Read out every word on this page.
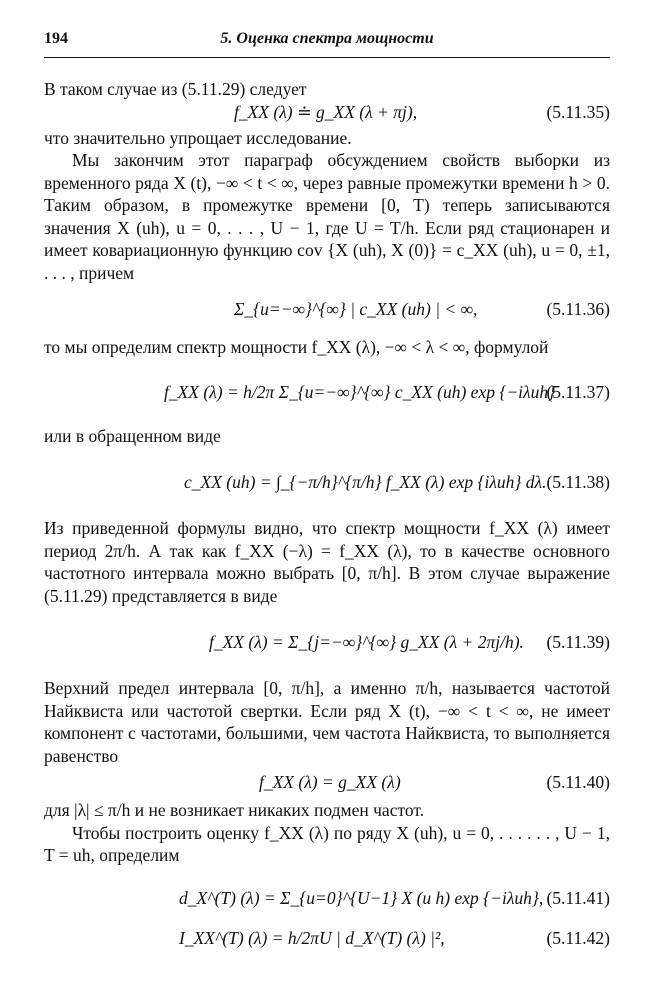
194	5. Оценка спектра мощности

В таком случае из (5.11.29) следует

f_XX (λ) ≐ g_XX (λ + πj),	(5.11.35)

что значительно упрощает исследование.

Мы закончим этот параграф обсуждением свойств выборки из временного ряда X (t), −∞ < t < ∞, через равные промежутки времени h > 0. Таким образом, в промежутке времени [0, T) теперь записываются значения X (uh), u = 0, . . . , U − 1, где U = T/h. Если ряд стационарен и имеет ковариационную функцию cov {X (uh), X (0)} = c_XX (uh), u = 0, ±1, . . . , причем

Σ_{u=−∞}^{∞} | c_XX (uh) | < ∞,	(5.11.36)

то мы определим спектр мощности f_XX (λ), −∞ < λ < ∞, формулой

f_XX (λ) = h/2π Σ_{u=−∞}^{∞} c_XX (uh) exp {−iλuh}
(5.11.37)

или в обращенном виде

c_XX (uh) = ∫_{−π/h}^{π/h} f_XX (λ) exp {iλuh} dλ. (5.11.38)

Из приведенной формулы видно, что спектр мощности f_XX (λ) имеет период 2π/h. А так как f_XX (−λ) = f_XX (λ), то в качестве основного частотного интервала можно выбрать [0, π/h]. В этом случае выражение (5.11.29) представляется в виде

f_XX (λ) = Σ_{j=−∞}^{∞} g_XX (λ + 2πj/h). (5.11.39)

Верхний предел интервала [0, π/h], а именно π/h, называется частотой Найквиста или частотой свертки. Если ряд X (t), −∞ < t < ∞, не имеет компонент с частотами, большими, чем частота Найквиста, то выполняется равенство

f_XX (λ) = g_XX (λ)	(5.11.40)

для |λ| ≤ π/h и не возникает никаких подмен частот.

Чтобы построить оценку f_XX (λ) по ряду X (uh), u = 0, . . . . . . , U − 1, T = uh, определим

d_X^(T) (λ) = Σ_{u=0}^{U−1} X (u h) exp {−iλuh}, (5.11.41)
I_XX^(T) (λ) = h/2πU | d_X^(T) (λ) |²,	(5.11.42)
